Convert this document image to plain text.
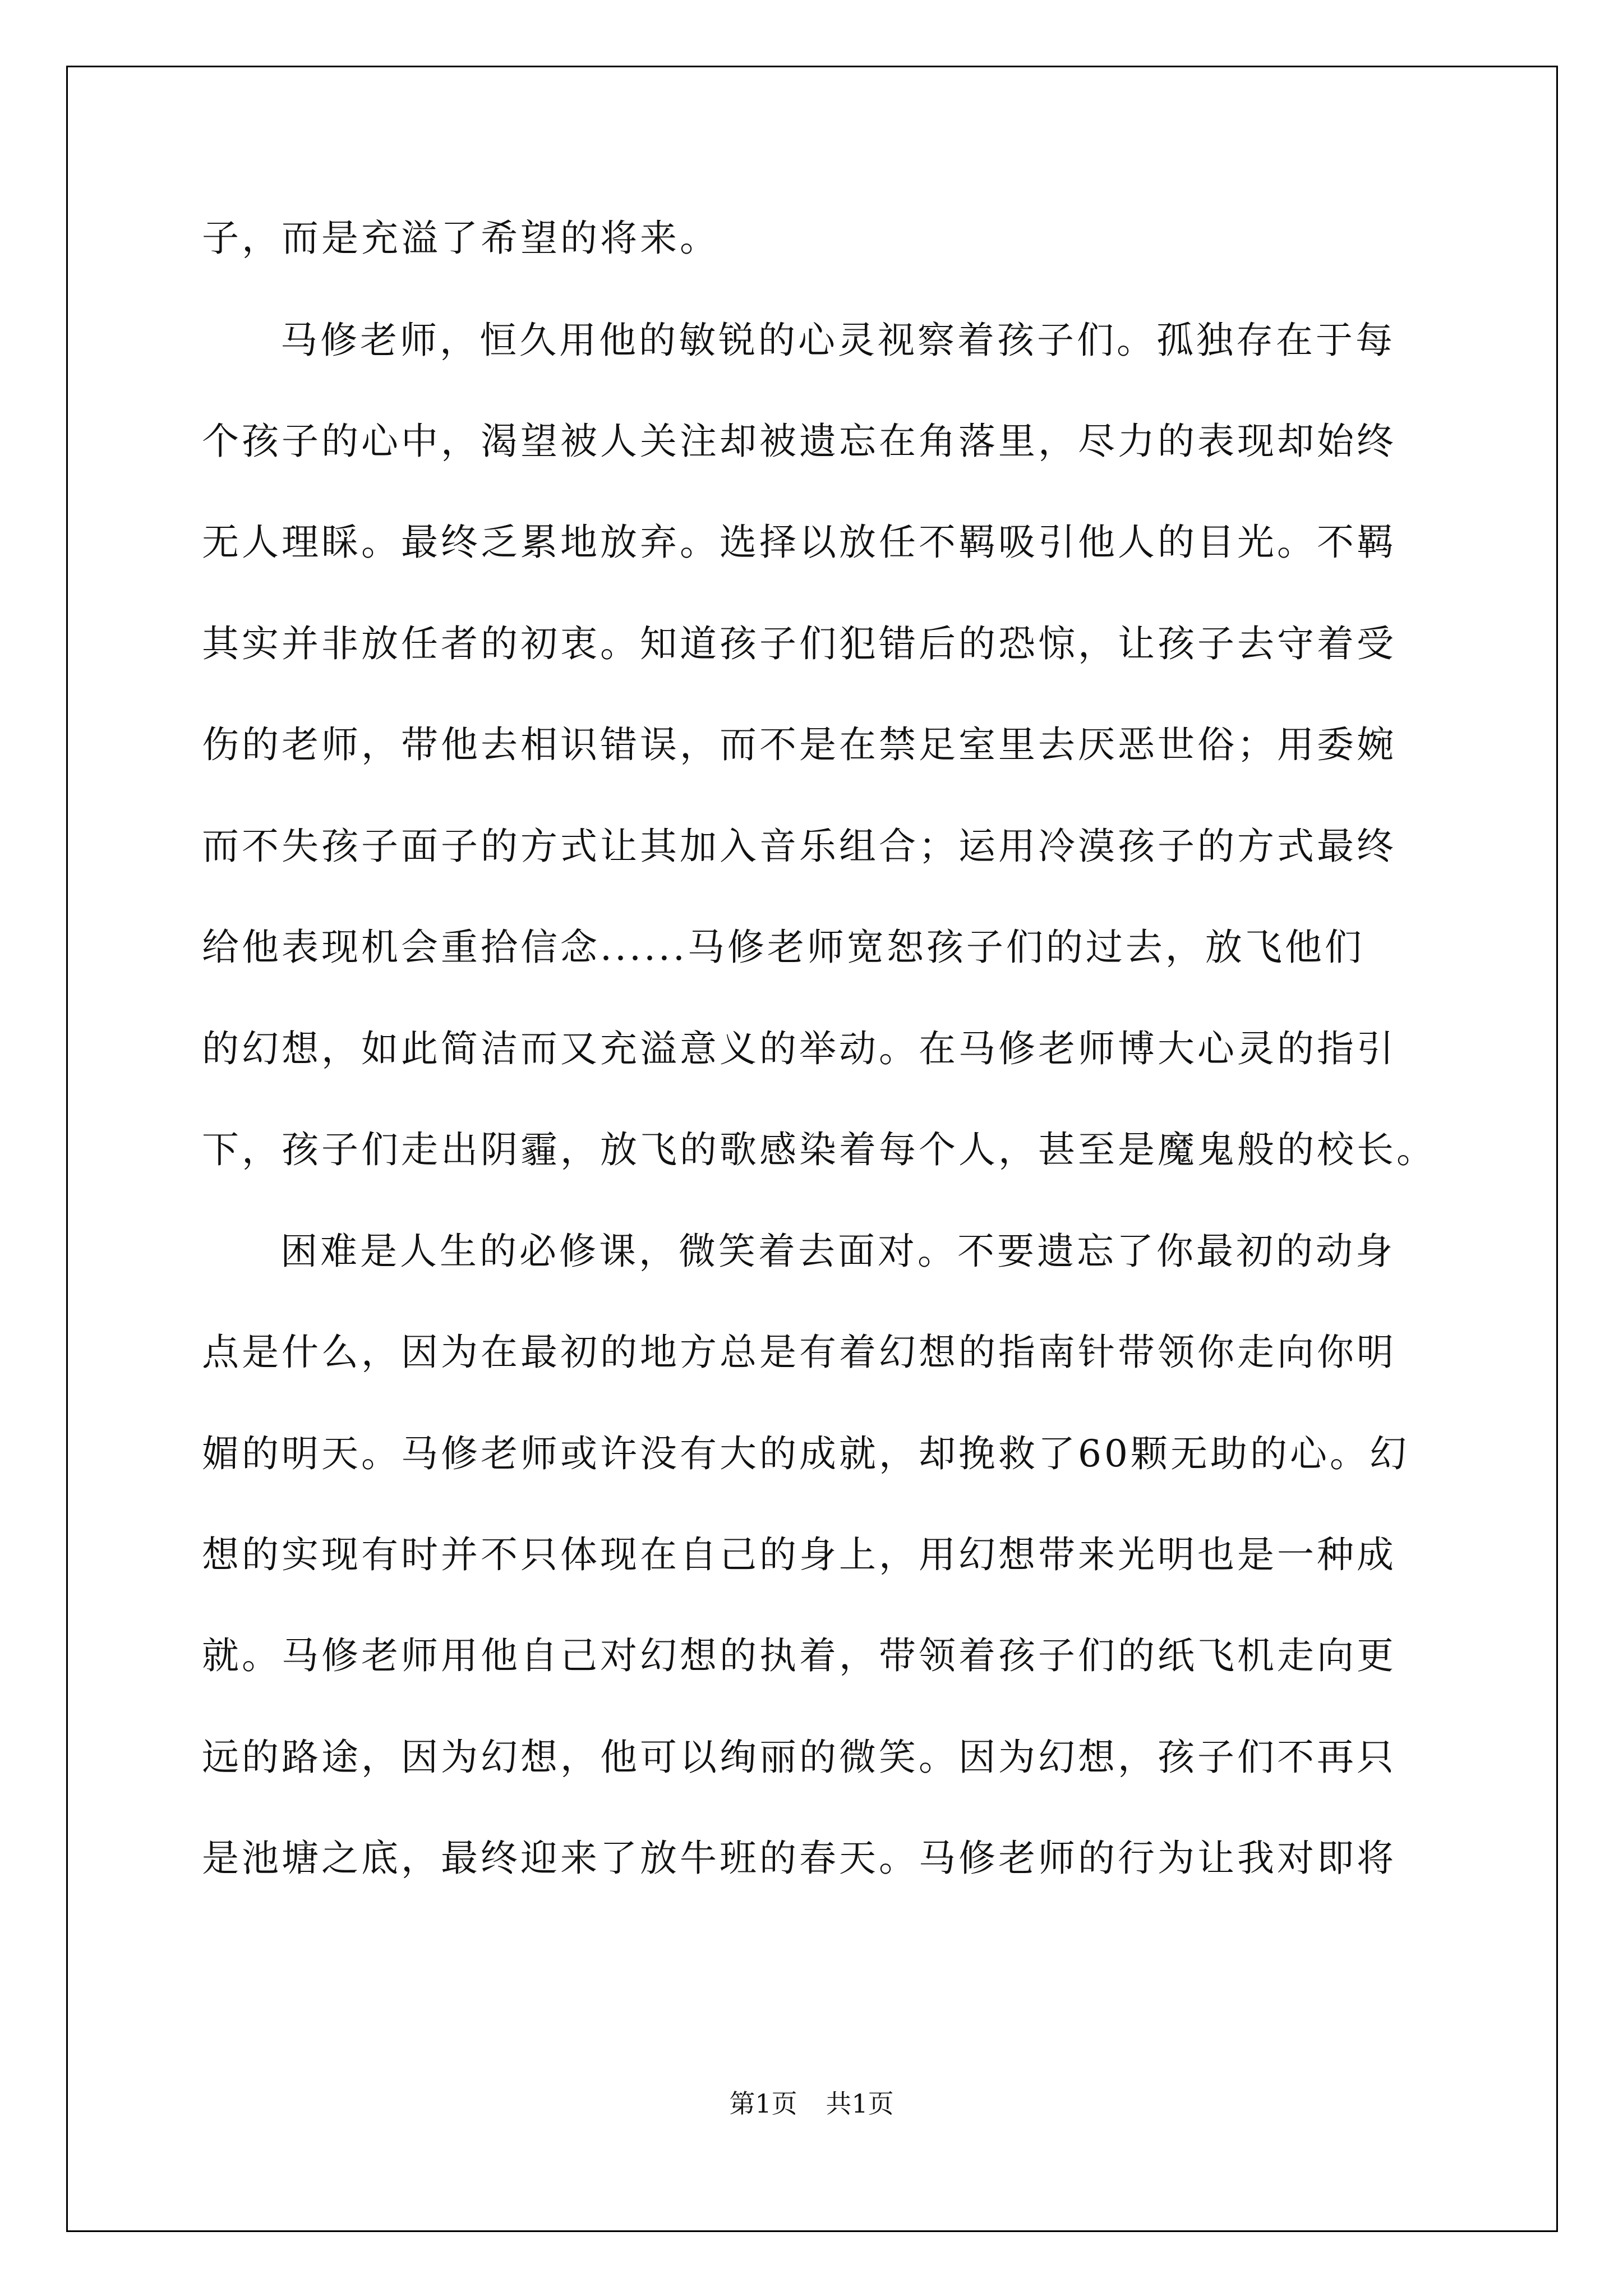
子，而是充溢了希望的将来。

马修老师，恒久用他的敏锐的心灵视察着孩子们。孤独存在于每

个孩子的心中，渴望被人关注却被遗忘在角落里，尽力的表现却始终

无人理睬。最终乏累地放弃。选择以放任不羁吸引他人的目光。不羁

其实并非放任者的初衷。知道孩子们犯错后的恐惊，让孩子去守着受

伤的老师，带他去相识错误，而不是在禁足室里去厌恶世俗；用委婉

而不失孩子面子的方式让其加入音乐组合；运用冷漠孩子的方式最终

给他表现机会重拾信念......马修老师宽恕孩子们的过去，放飞他们

的幻想，如此简洁而又充溢意义的举动。在马修老师博大心灵的指引

下，孩子们走出阴霾，放飞的歌感染着每个人，甚至是魔鬼般的校长。

困难是人生的必修课，微笑着去面对。不要遗忘了你最初的动身

点是什么，因为在最初的地方总是有着幻想的指南针带领你走向你明

媚的明天。马修老师或许没有大的成就，却挽救了60颗无助的心。幻

想的实现有时并不只体现在自己的身上，用幻想带来光明也是一种成

就。马修老师用他自己对幻想的执着，带领着孩子们的纸飞机走向更

远的路途，因为幻想，他可以绚丽的微笑。因为幻想，孩子们不再只

是池塘之底，最终迎来了放牛班的春天。马修老师的行为让我对即将

第1页 共1页
